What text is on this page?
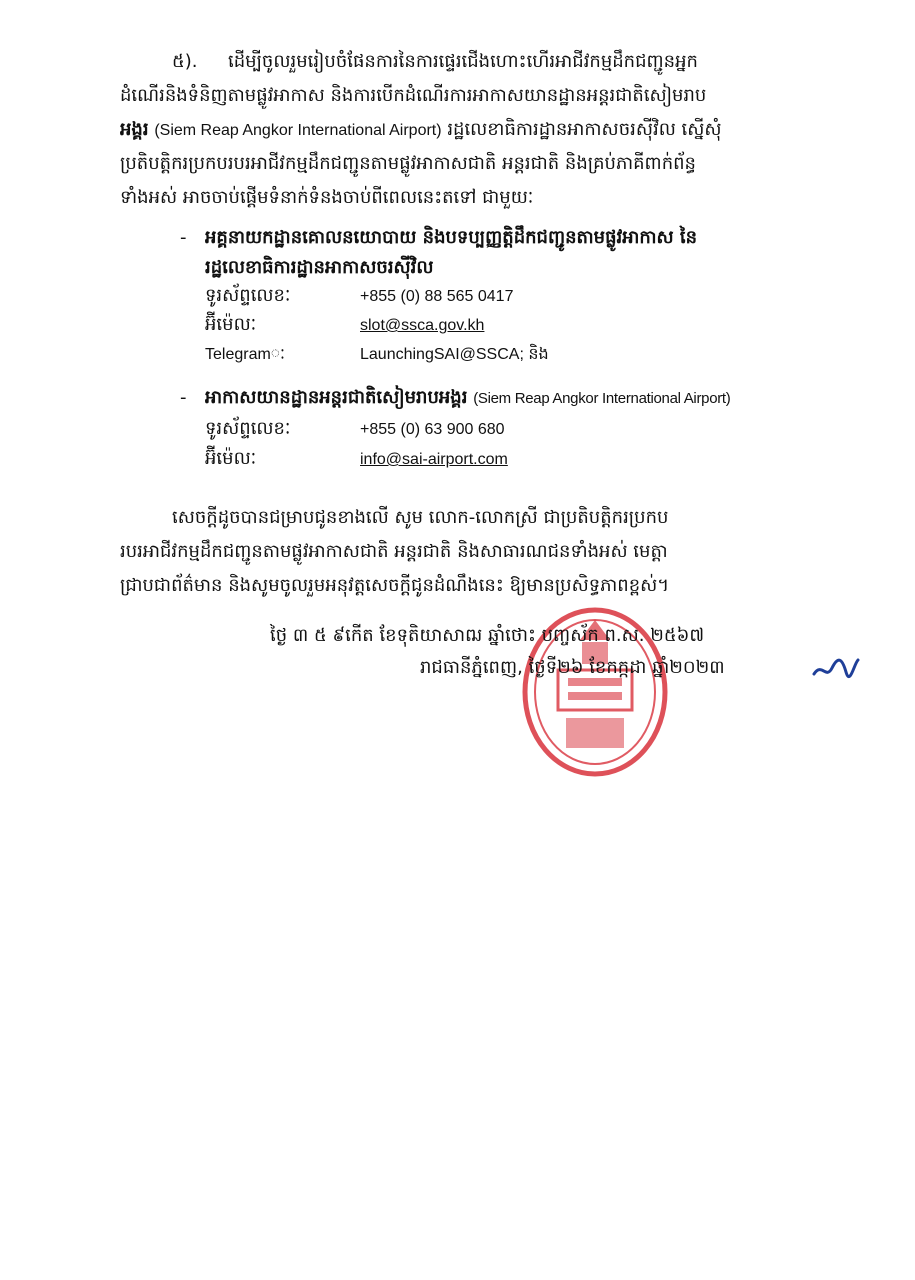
៥). ដើម្បីចូលរួមរៀបចំផែនការនៃការផ្ទេរជើងហោះហើរអាជីវកម្មដឹកជញ្ជូនអ្នក
ដំណើរនិងទំនិញតាមផ្លូវអាកាស និងការបើកដំណើរការអាកាសយានដ្ឋានអន្តរជាតិសៀមរាប
អង្គរ (Siem Reap Angkor International Airport) រដ្ឋលេខាធិការដ្ឋានអាកាសចរស៊ីវិល ស្នើសុំ
ប្រតិបត្តិករប្រកបរបរអាជីវកម្មដឹកជញ្ជូនតាមផ្លូវអាកាសជាតិ អន្តរជាតិ និងគ្រប់ភាគីពាក់ព័ន្ធ
ទាំងអស់ អាចចាប់ផ្តើមទំនាក់ទំនងចាប់ពីពេលនេះតទៅ ជាមួយៈ
- អគ្គនាយកដ្ឋានគោលនយោបាយ និងបទប្បញ្ញត្តិដឹកជញ្ជូនតាមផ្លូវអាកាស នៃ
រដ្ឋលេខាធិការដ្ឋានអាកាសចរស៊ីវិល
ទូរស័ព្ទលេខៈ	+855 (0) 88 565 0417
អ៊ីម៉េលៈ	slot@ssca.gov.kh
Telegramៈ	LaunchingSAI@SSCA; និង
- អាកាសយានដ្ឋានអន្តរជាតិសៀមរាបអង្គរ (Siem Reap Angkor International Airport)
ទូរស័ព្ទលេខៈ	+855 (0) 63 900 680
អ៊ីម៉េលៈ	info@sai-airport.com
សេចក្តីដូចបានជម្រាបជូនខាងលើ សូម លោក-លោកស្រី ជាប្រតិបត្តិករប្រកប
របរអាជីវកម្មដឹកជញ្ជូនតាមផ្លូវអាកាសជាតិ អន្តរជាតិ និងសាធារណជនទាំងអស់ មេត្តា
ជ្រាបជាព័ត៌មាន និងសូមចូលរួមអនុវត្តសេចក្តីជូនដំណឹងនេះ ឱ្យមានប្រសិទ្ធភាពខ្ពស់។
ថ្ងៃ ៣ ៥ ៩កើត ខែទុតិយាសាឍ ឆ្នាំថោះ បញ្ចស័ក ព.ស. ២៥៦៧
រាជធានីភ្នំពេញ, ថ្ងៃទី២៦ ខែកក្កដា ឆ្នាំ២០២៣
